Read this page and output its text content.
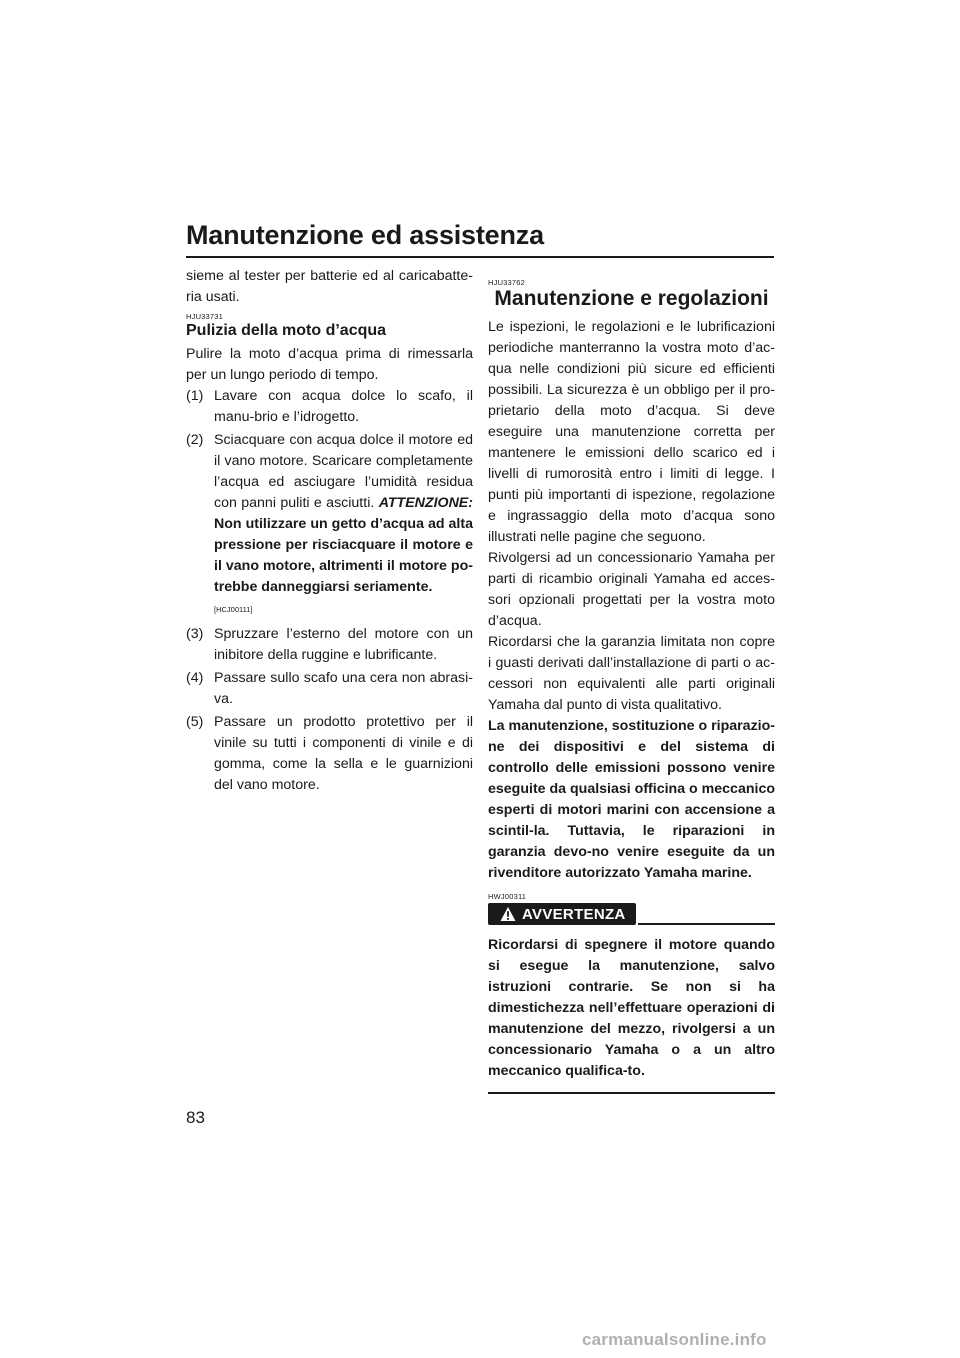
Manutenzione ed assistenza
83

sieme al tester per batterie ed al caricabatte-ria usati.

HJU33731
Pulizia della moto d’acqua

Pulire la moto d’acqua prima di rimessarla per un lungo periodo di tempo.

(1) Lavare con acqua dolce lo scafo, il manu-brio e l’idrogetto.
(2) Sciacquare con acqua dolce il motore ed il vano motore. Scaricare completamente l’acqua ed asciugare l’umidità residua con panni puliti e asciutti. ATTENZIONE: Non utilizzare un getto d’acqua ad alta pressione per risciacquare il motore e il vano motore, altrimenti il motore po-trebbe danneggiarsi seriamente.
[HCJ00111]
(3) Spruzzare l’esterno del motore con un inibitore della ruggine e lubrificante.
(4) Passare sullo scafo una cera non abrasi-va.
(5) Passare un prodotto protettivo per il vinile su tutti i componenti di vinile e di gomma, come la sella e le guarnizioni del vano motore.
HJU33762
Manutenzione e regolazioni

Le ispezioni, le regolazioni e le lubrificazioni periodiche manterranno la vostra moto d’ac-qua nelle condizioni più sicure ed efficienti possibili. La sicurezza è un obbligo per il pro-prietario della moto d’acqua. Si deve eseguire una manutenzione corretta per mantenere le emissioni dello scarico ed i livelli di rumorosità entro i limiti di legge. I punti più importanti di ispezione, regolazione e ingrassaggio della moto d’acqua sono illustrati nelle pagine che seguono.

Rivolgersi ad un concessionario Yamaha per parti di ricambio originali Yamaha ed acces-sori opzionali progettati per la vostra moto d’acqua.

Ricordarsi che la garanzia limitata non copre i guasti derivati dall’installazione di parti o ac-cessori non equivalenti alle parti originali Yamaha dal punto di vista qualitativo.

La manutenzione, sostituzione o riparazio-ne dei dispositivi e del sistema di controllo delle emissioni possono venire eseguite da qualsiasi officina o meccanico esperti di motori marini con accensione a scintil-la. Tuttavia, le riparazioni in garanzia devo-no venire eseguite da un rivenditore autorizzato Yamaha marine.

HWJ00311
AVVERTENZA

Ricordarsi di spegnere il motore quando si esegue la manutenzione, salvo istruzioni contrarie. Se non si ha dimestichezza nell’effettuare operazioni di manutenzione del mezzo, rivolgersi a un concessionario Yamaha o a un altro meccanico qualifica-to.

carmanualsonline.info
